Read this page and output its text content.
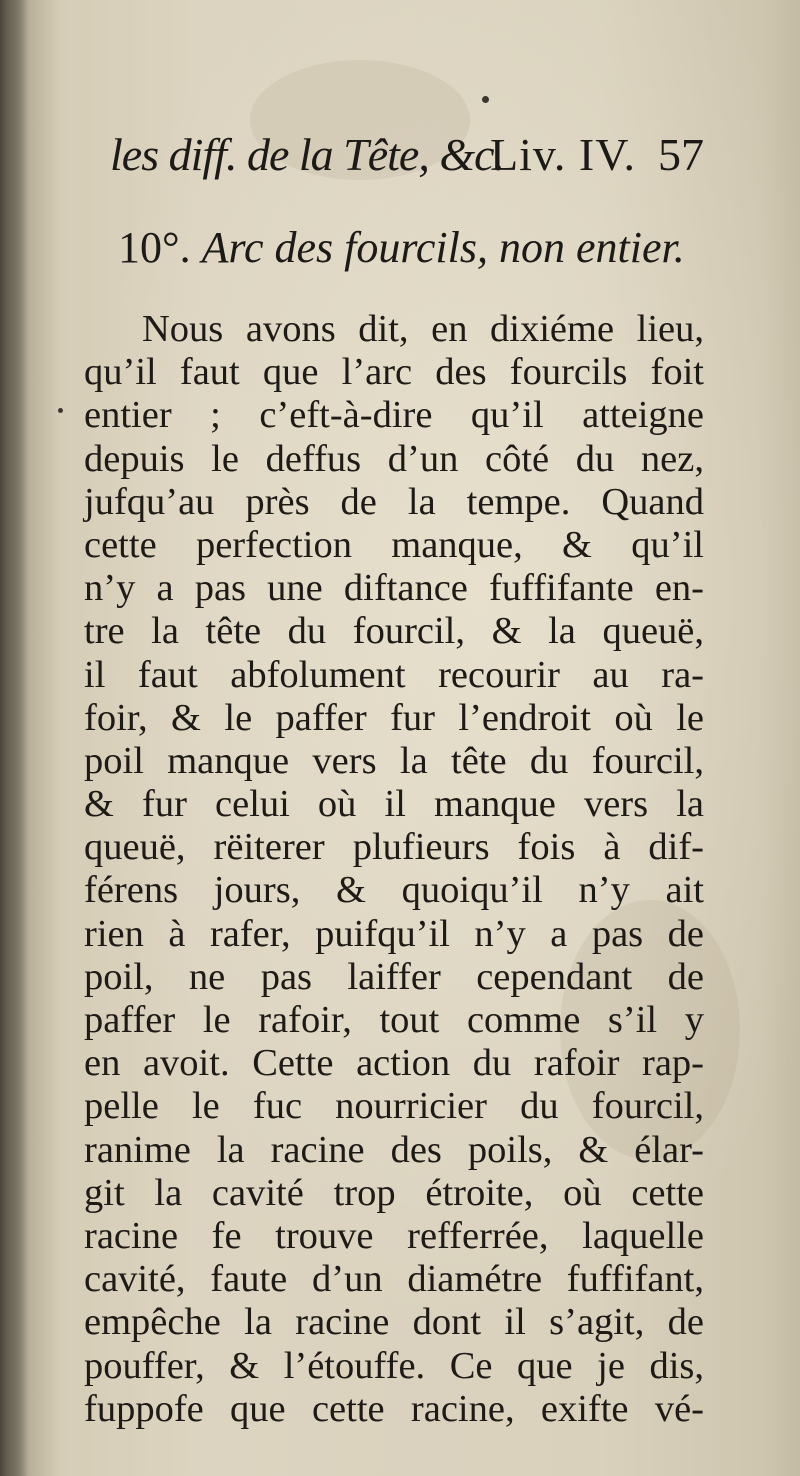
les diff. de la Tête, &c.
Liv. IV. 57
10°. Arc des fourcils, non entier.
Nous avons dit, en dixiéme lieu,
qu’il faut que l’arc des fourcils foit
entier ; c’eft-à-dire qu’il atteigne
depuis le deffus d’un côté du nez,
jufqu’au près de la tempe. Quand
cette perfection manque, & qu’il
n’y a pas une diftance fuffifante en-
tre la tête du fourcil, & la queuë,
il faut abfolument recourir au ra-
foir, & le paffer fur l’endroit où le
poil manque vers la tête du fourcil,
& fur celui où il manque vers la
queuë, rëiterer plufieurs fois à dif-
férens jours, & quoiqu’il n’y ait
rien à rafer, puifqu’il n’y a pas de
poil, ne pas laiffer cependant de
paffer le rafoir, tout comme s’il y
en avoit. Cette action du rafoir rap-
pelle le fuc nourricier du fourcil,
ranime la racine des poils, & élar-
git la cavité trop étroite, où cette
racine fe trouve refferrée, laquelle
cavité, faute d’un diamétre fuffifant,
empêche la racine dont il s’agit, de
pouffer, & l’étouffe. Ce que je dis,
fuppofe que cette racine, exifte vé-
